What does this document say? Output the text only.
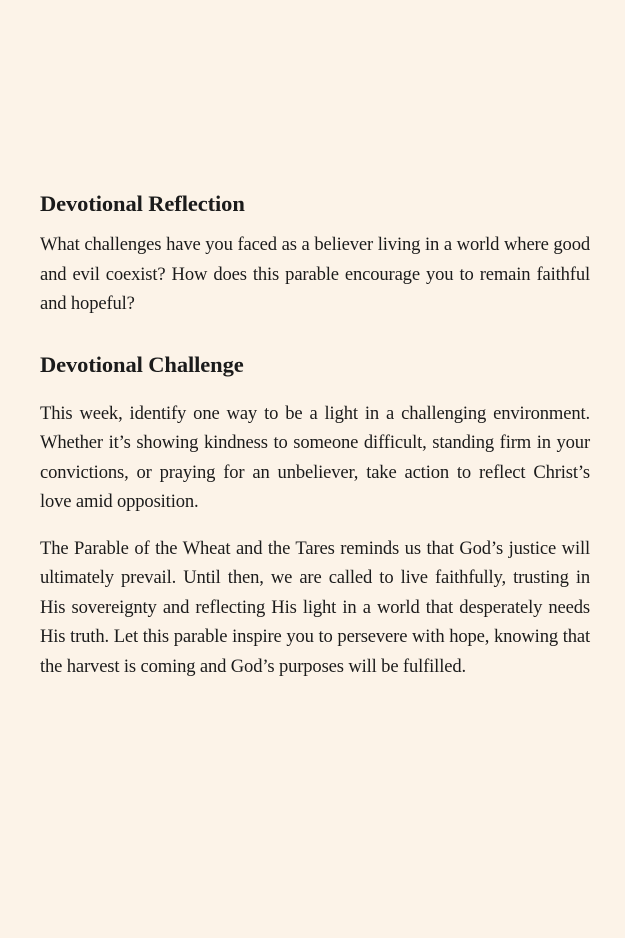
Devotional Reflection

What challenges have you faced as a believer living in a world where good and evil coexist? How does this parable encourage you to remain faithful and hopeful?

Devotional Challenge

This week, identify one way to be a light in a challenging environment. Whether it’s showing kindness to someone difficult, standing firm in your convictions, or praying for an unbeliever, take action to reflect Christ’s love amid opposition.

The Parable of the Wheat and the Tares reminds us that God’s justice will ultimately prevail. Until then, we are called to live faithfully, trusting in His sovereignty and reflecting His light in a world that desperately needs His truth. Let this parable inspire you to persevere with hope, knowing that the harvest is coming and God’s purposes will be fulfilled.
